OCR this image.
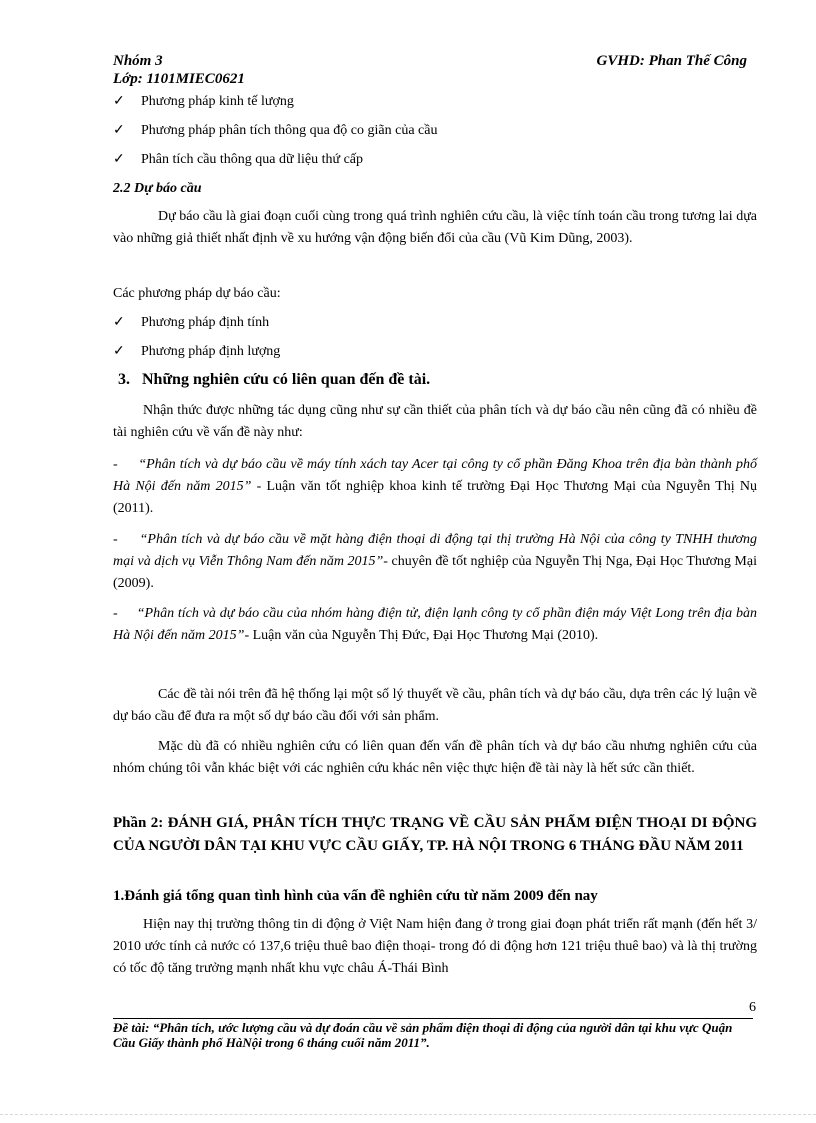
Nhóm 3	GVHD: Phan Thế Công
Lớp: 1101MIEC0621
✓ Phương pháp kinh tế lượng
✓ Phương pháp phân tích thông qua độ co giãn của cầu
✓ Phân tích cầu thông qua dữ liệu thứ cấp
2.2 Dự báo cầu
Dự báo cầu là giai đoạn cuối cùng trong quá trình nghiên cứu cầu, là việc tính toán cầu trong tương lai dựa vào những giả thiết nhất định về xu hướng vận động biến đổi của cầu (Vũ Kim Dũng, 2003).
Các phương pháp dự báo cầu:
✓ Phương pháp định tính
✓ Phương pháp định lượng
3.   Những nghiên cứu có liên quan đến đề tài.
Nhận thức được những tác dụng cũng như sự cần thiết của phân tích và dự báo cầu nên cũng đã có nhiều đề tài nghiên cứu về vấn đề này như:
- “Phân tích và dự báo cầu về máy tính xách tay Acer tại công ty cổ phần Đăng Khoa trên địa bàn thành phố Hà Nội đến năm 2015” - Luận văn tốt nghiệp khoa kinh tế trường Đại Học Thương Mại của Nguyễn Thị Nụ (2011).
- “Phân tích và dự báo cầu về mặt hàng điện thoại di động tại thị trường Hà Nội của công ty TNHH thương mại và dịch vụ Viễn Thông Nam đến năm 2015”- chuyên đề tốt nghiệp của Nguyễn Thị Nga, Đại Học Thương Mại (2009).
- “Phân tích và dự báo cầu của nhóm hàng điện tử, điện lạnh công ty cổ phần điện máy Việt Long trên địa bàn Hà Nội đến năm 2015”- Luận văn của Nguyễn Thị Đức, Đại Học Thương Mại (2010).
Các đề tài nói trên đã hệ thống lại một số lý thuyết về cầu, phân tích và dự báo cầu, dựa trên các lý luận về dự báo cầu để đưa ra một số dự báo cầu đối với sản phẩm.
Mặc dù đã có nhiều nghiên cứu có liên quan đến vấn đề phân tích và dự báo cầu nhưng nghiên cứu của nhóm chúng tôi vẫn khác biệt với các nghiên cứu khác nên việc thực hiện đề tài này là hết sức cần thiết.
Phần 2: ĐÁNH GIÁ, PHÂN TÍCH THỰC TRẠNG VỀ CẦU SẢN PHẨM ĐIỆN THOẠI DI ĐỘNG CỦA NGƯỜI DÂN TẠI KHU VỰC CẦU GIẤY, TP. HÀ NỘI TRONG 6 THÁNG ĐẦU NĂM 2011
1.Đánh giá tổng quan tình hình của vấn đề nghiên cứu từ năm 2009 đến nay
Hiện nay thị trường thông tin di động ở Việt Nam hiện đang ở trong giai đoạn phát triển rất mạnh (đến hết 3/ 2010 ước tính cả nước có 137,6 triệu thuê bao điện thoại- trong đó di động hơn 121 triệu thuê bao) và là thị trường có tốc độ tăng trưởng mạnh nhất khu vực châu Á-Thái Bình
6
Đề tài: “Phân tích, ước lượng cầu và dự đoán cầu về sản phẩm điện thoại di động của người dân tại khu vực Quận Cầu Giấy thành phố HàNội trong 6 tháng cuối năm 2011”.
